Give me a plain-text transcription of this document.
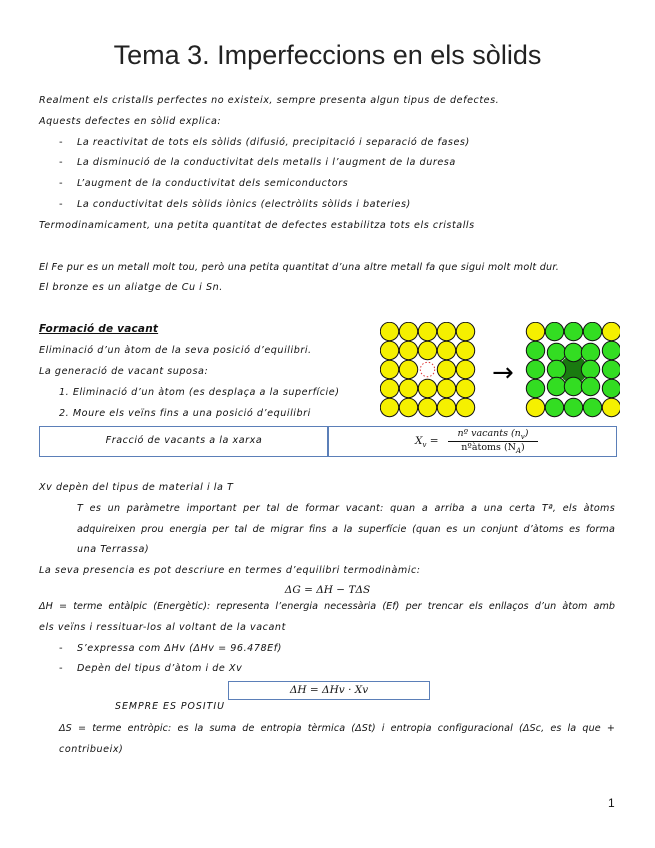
Tema 3. Imperfeccions en els sòlids
Realment els cristalls perfectes no existeix, sempre presenta algun tipus de defectes.
Aquests defectes en sòlid explica:
- La reactivitat de tots els sòlids (difusió, precipitació i separació de fases)
- La disminució de la conductivitat dels metalls i l’augment de la duresa
- L’augment de la conductivitat dels semiconductors
- La conductivitat dels sòlids iònics (electròlits sòlids i bateries)
Termodinamicament, una petita quantitat de defectes estabilitza tots els cristalls
El Fe pur es un metall molt tou, però una petita quantitat d’una altre metall fa que sigui molt molt dur.
El bronze es un aliatge de Cu i Sn.
Formació de vacant
Eliminació d’un àtom de la seva posició d’equilibri.
La generació de vacant suposa:
1. Eliminació d’un àtom (es desplaça a la superfície)
2. Moure els veïns fins a una posició d’equilibri
→
Fracció de vacants a la xarxa	$X_v$ =
nº vacants $(n_v)$
nºàtoms $(N_A)$
Xv depèn del tipus de material i la T
T es un paràmetre important per tal de formar vacant: quan a arriba a una certa Tª, els àtoms
adquireixen prou energia per tal de migrar fins a la superfície (quan es un conjunt d’àtoms es forma
una Terrassa)
La seva presencia es pot descriure en termes d’equilibri termodinàmic:
ΔG = ΔH − TΔS
ΔH = terme entàlpic (Energètic): representa l’energia necessària (Ef) per trencar els enllaços d’un àtom amb
els veïns i ressituar-los al voltant de la vacant
- S’expressa com ΔHv (ΔHv = 96.478Ef)
- Depèn del tipus d’àtom i de Xv
ΔH = ΔHv · Xv
SEMPRE ES POSITIU
ΔS = terme entròpic: es la suma de entropia tèrmica (ΔSt) i entropia configuracional (ΔSc, es la que +
contribueix)
1
